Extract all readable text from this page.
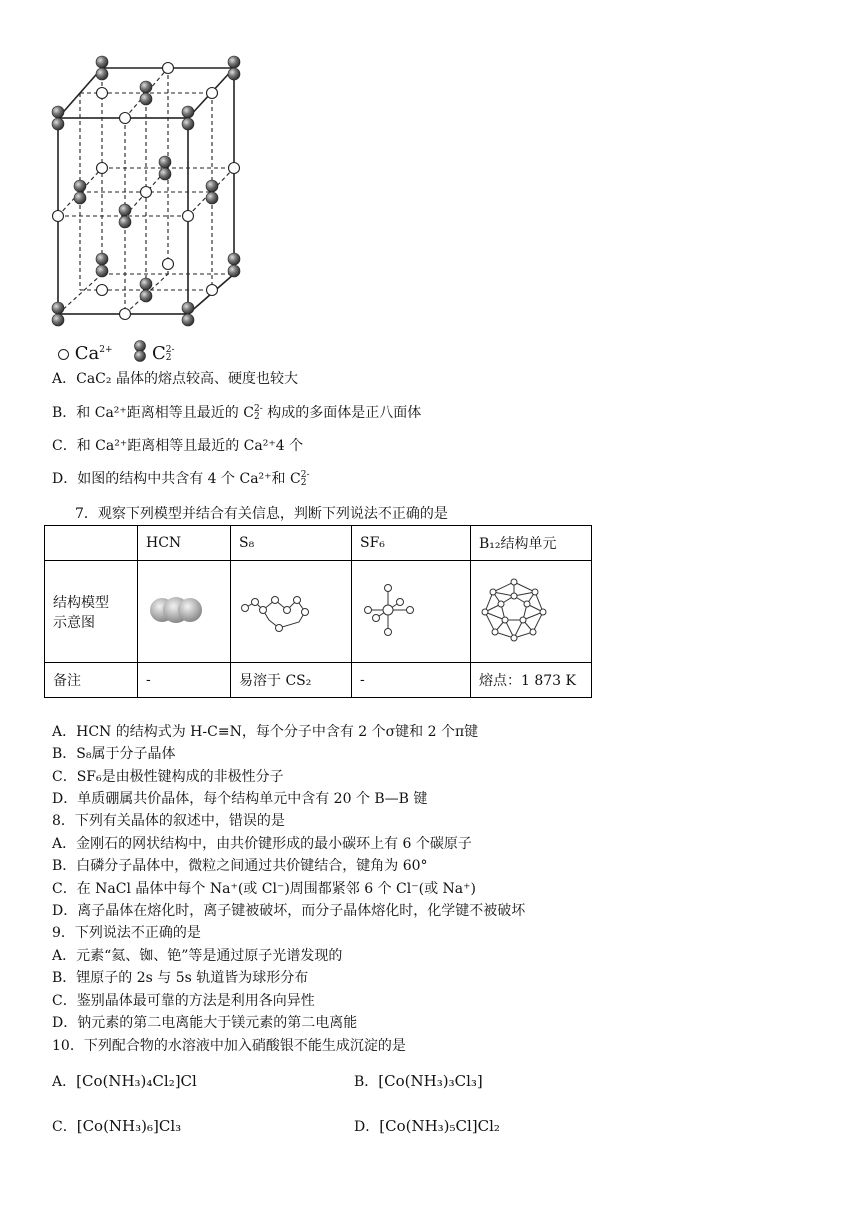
$Ca^{2+}$ C2-
2
A．CaC₂ 晶体的熔点较高、硬度也较大
B．和 Ca²⁺距离相等且最近的 C2-
2 构成的多面体是正八面体
C．和 Ca²⁺距离相等且最近的 Ca²⁺4 个
D．如图的结构中共含有 4 个 Ca²⁺和 C2-
2
7．观察下列模型并结合有关信息，判断下列说法不正确的是
	HCN	S₈	SF₆	B₁₂结构单元
结构模型
示意图				
备注	-	易溶于 CS₂	-	熔点：1 873 K
A．HCN 的结构式为 H-C≡N，每个分子中含有 2 个σ键和 2 个π键
B．S₈属于分子晶体
C．SF₆是由极性键构成的非极性分子
D．单质硼属共价晶体，每个结构单元中含有 20 个 B—B 键
8．下列有关晶体的叙述中，错误的是
A．金刚石的网状结构中，由共价键形成的最小碳环上有 6 个碳原子
B．白磷分子晶体中，微粒之间通过共价键结合，键角为 60°
C．在 NaCl 晶体中每个 Na⁺(或 Cl⁻)周围都紧邻 6 个 Cl⁻(或 Na⁺)
D．离子晶体在熔化时，离子键被破坏，而分子晶体熔化时，化学键不被破坏
9．下列说法不正确的是
A．元素“氦、铷、铯”等是通过原子光谱发现的
B．锂原子的 2s 与 5s 轨道皆为球形分布
C．鉴别晶体最可靠的方法是利用各向异性
D．钠元素的第二电离能大于镁元素的第二电离能
10．下列配合物的水溶液中加入硝酸银不能生成沉淀的是
A．[Co(NH₃)₄Cl₂]Cl	B．[Co(NH₃)₃Cl₃]
C．[Co(NH₃)₆]Cl₃	D．[Co(NH₃)₅Cl]Cl₂
